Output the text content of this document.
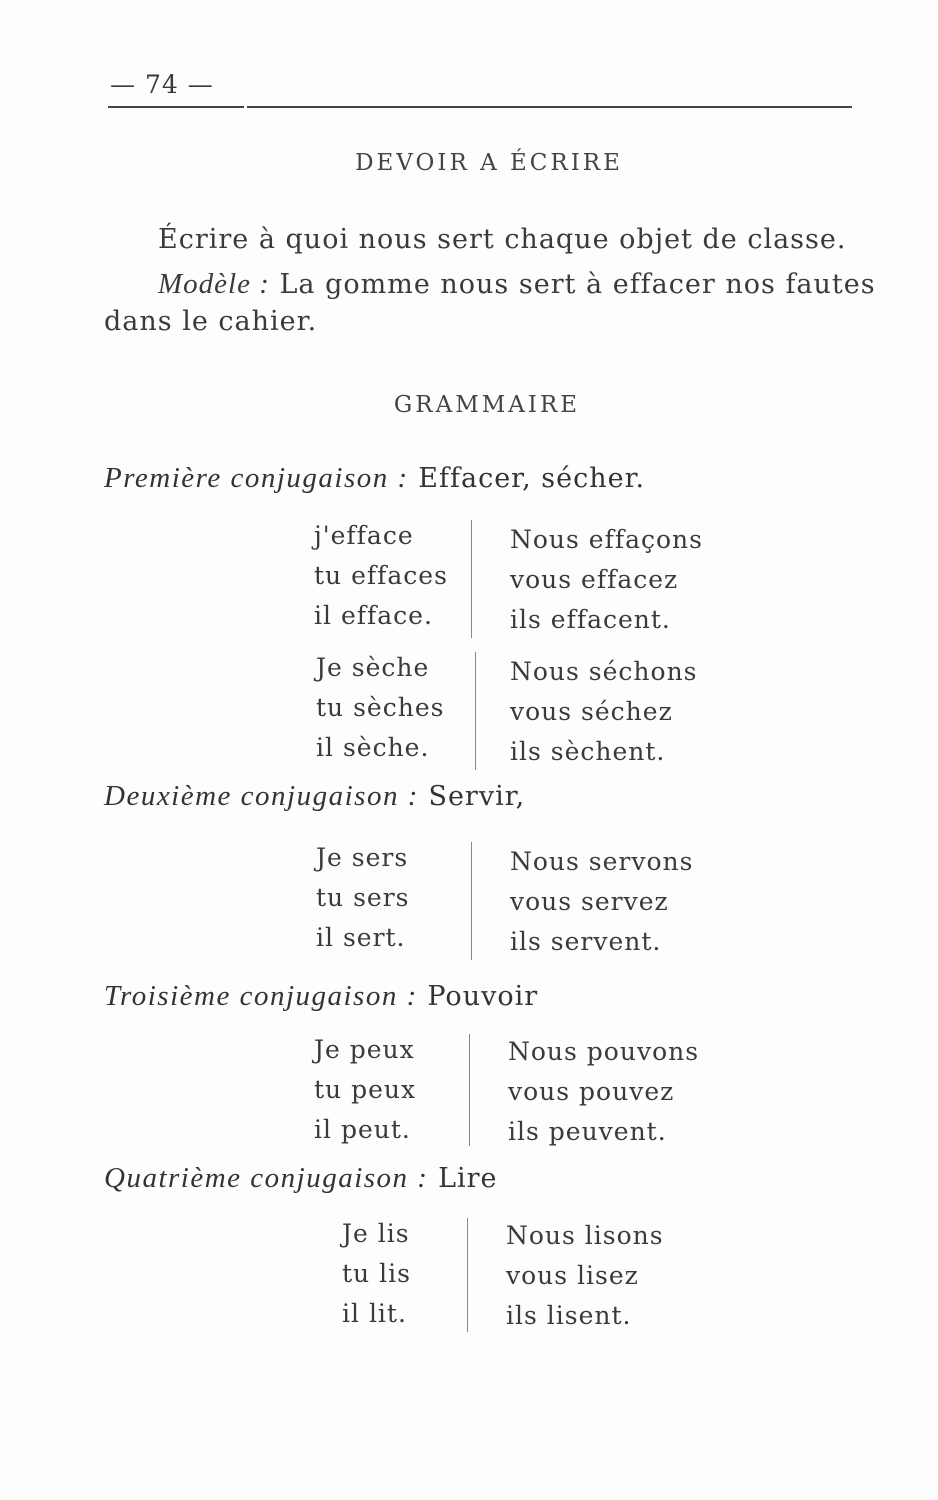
— 74 —
DEVOIR A ÉCRIRE
Écrire à quoi nous sert chaque objet de classe.
Modèle : La gomme nous sert à effacer nos fautes
dans le cahier.
GRAMMAIRE
Première conjugaison : Effacer, sécher.
j'efface
tu effaces
il efface.
Nous effaçons
vous effacez
ils effacent.
Je sèche
tu sèches
il sèche.
Nous séchons
vous séchez
ils sèchent.
Deuxième conjugaison : Servir,
Je sers
tu sers
il sert.
Nous servons
vous servez
ils servent.
Troisième conjugaison : Pouvoir
Je peux
tu peux
il peut.
Nous pouvons
vous pouvez
ils peuvent.
Quatrième conjugaison : Lire
Je lis
tu lis
il lit.
Nous lisons
vous lisez
ils lisent.
